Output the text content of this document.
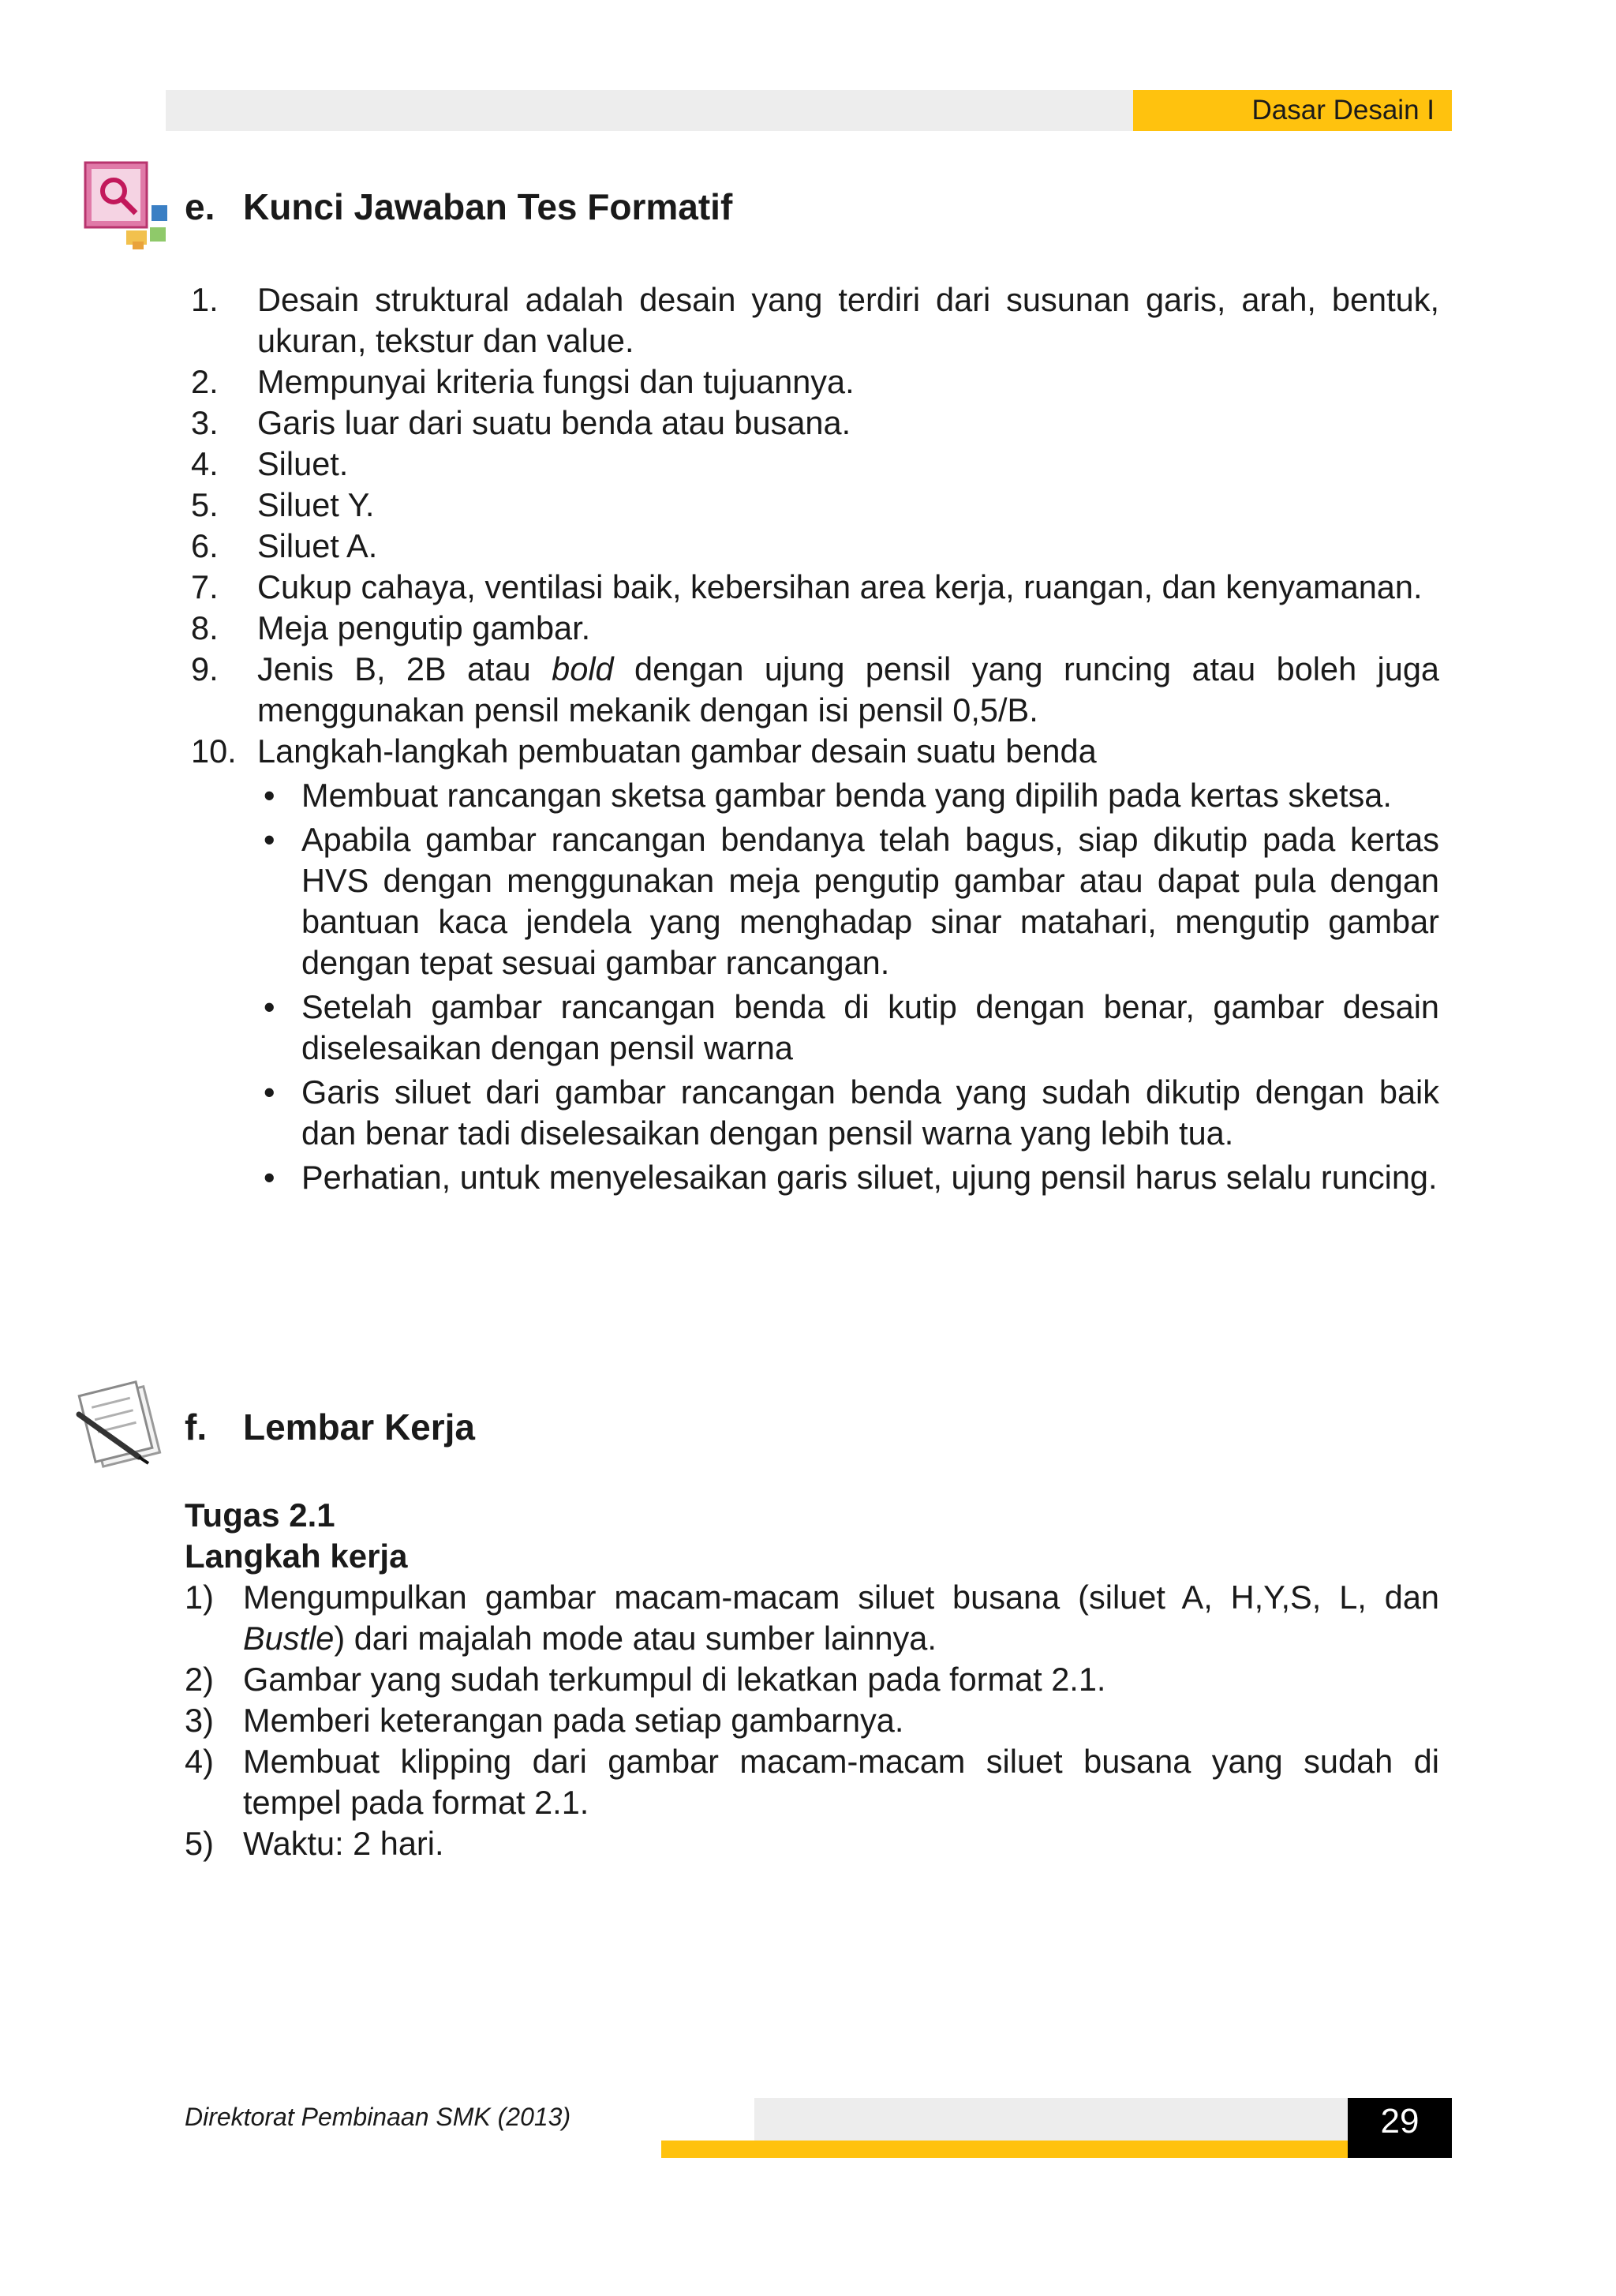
Dasar Desain I
e. Kunci Jawaban Tes Formatif
1. Desain struktural adalah desain yang terdiri dari susunan garis, arah, bentuk, ukuran, tekstur dan value.
2. Mempunyai kriteria fungsi dan tujuannya.
3. Garis luar dari suatu benda atau busana.
4. Siluet.
5. Siluet Y.
6. Siluet A.
7. Cukup cahaya, ventilasi baik, kebersihan area kerja, ruangan, dan kenyamanan.
8. Meja pengutip gambar.
9. Jenis B, 2B atau bold dengan ujung pensil yang runcing atau boleh juga menggunakan pensil mekanik dengan isi pensil 0,5/B.
10. Langkah-langkah pembuatan gambar desain suatu benda
• Membuat rancangan sketsa gambar benda yang dipilih pada kertas sketsa.
• Apabila gambar rancangan bendanya telah bagus, siap dikutip pada kertas HVS dengan menggunakan meja pengutip gambar atau dapat pula dengan bantuan kaca jendela yang menghadap sinar matahari, mengutip gambar dengan tepat sesuai gambar rancangan.
• Setelah gambar rancangan benda di kutip dengan benar, gambar desain diselesaikan dengan pensil warna
• Garis siluet dari gambar rancangan benda yang sudah dikutip dengan baik dan benar tadi diselesaikan dengan pensil warna yang lebih tua.
• Perhatian, untuk menyelesaikan garis siluet, ujung pensil harus selalu runcing.
f. Lembar Kerja
Tugas 2.1
Langkah kerja
1) Mengumpulkan gambar macam-macam siluet busana (siluet A, H,Y,S, L, dan Bustle) dari majalah mode atau sumber lainnya.
2) Gambar yang sudah terkumpul di lekatkan pada format 2.1.
3) Memberi keterangan pada setiap gambarnya.
4) Membuat klipping dari gambar macam-macam siluet busana yang sudah di tempel pada format 2.1.
5) Waktu: 2 hari.
29
Direktorat Pembinaan SMK (2013)
